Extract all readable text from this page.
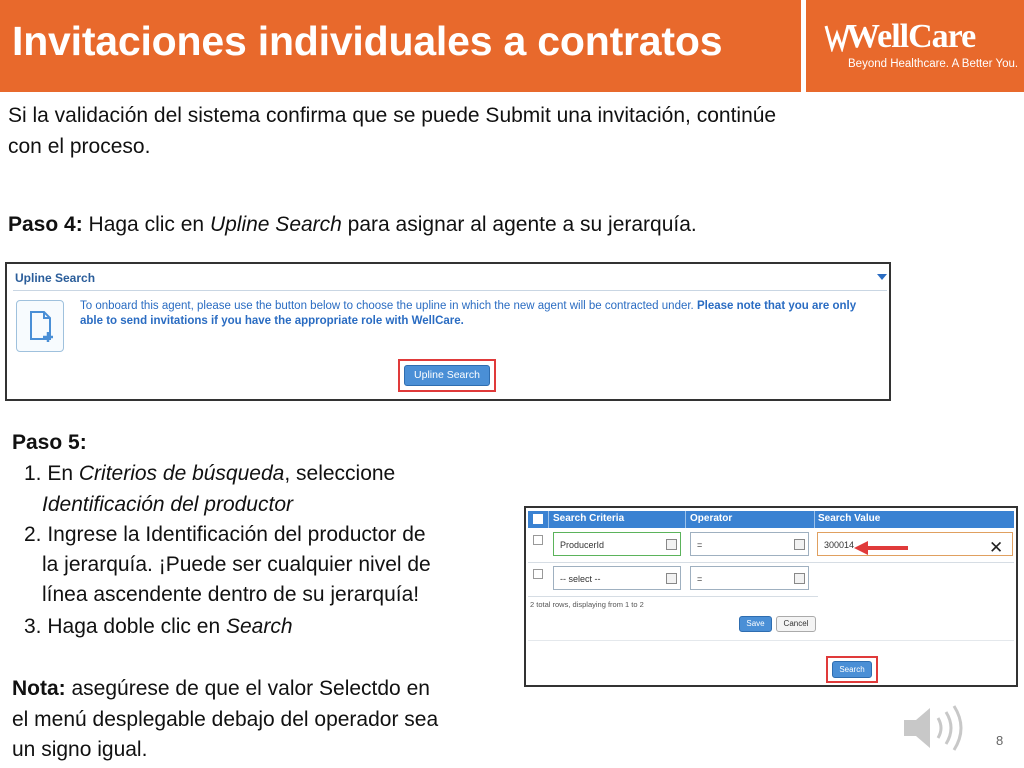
Invitaciones individuales a contratos	WellCare
Beyond Healthcare. A Better You.
Si la validación del sistema confirma que se puede Submit una invitación, continúe
con el proceso.
Paso 4: Haga clic en Upline Search para asignar al agente a su jerarquía.
Upline Search
To onboard this agent, please use the button below to choose the upline in which the new agent will be contracted under. Please note that you are only able to send invitations if you have the appropriate role with WellCare.
Upline Search
Paso 5:
1. En Criterios de búsqueda, seleccione
Identificación del productor
2. Ingrese la Identificación del productor de
la jerarquía. ¡Puede ser cualquier nivel de
línea ascendente dentro de su jerarquía!
3. Haga doble clic en Search
Nota: asegúrese de que el valor Selectdo en
el menú desplegable debajo del operador sea
un signo igual.
Search Criteria	Operator	Search Value
ProducerId	=	300014	✕
-- select --	=
2 total rows, displaying from 1 to 2
Save	Cancel
Search
8
